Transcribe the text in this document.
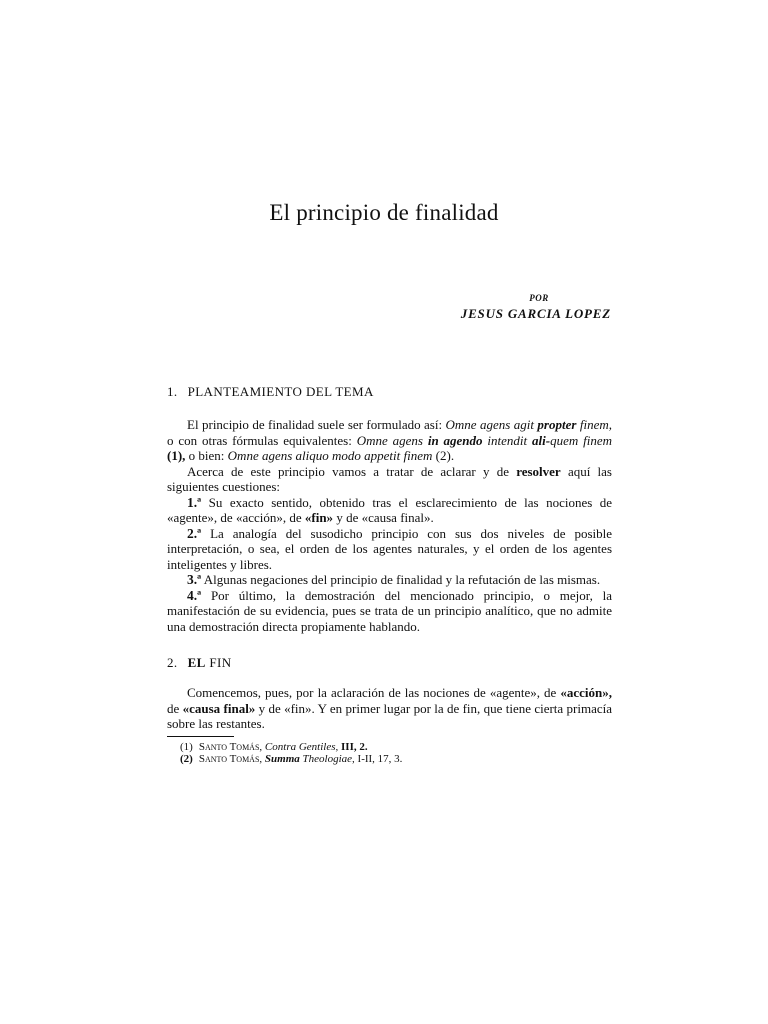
El principio de finalidad
POR
JESUS GARCIA LOPEZ
1. PLANTEAMIENTO DEL TEMA

El principio de finalidad suele ser formulado así: Omne agens agit propter finem, o con otras fórmulas equivalentes: Omne agens in agendo intendit ali-quem finem (1), o bien: Omne agens aliquo modo appetit finem (2).

Acerca de este principio vamos a tratar de aclarar y de resolver aquí las siguientes cuestiones:

1.ª Su exacto sentido, obtenido tras el esclarecimiento de las nociones de «agente», de «acción», de «fin» y de «causa final».

2.ª La analogía del susodicho principio con sus dos niveles de posible interpretación, o sea, el orden de los agentes naturales, y el orden de los agentes inteligentes y libres.

3.ª Algunas negaciones del principio de finalidad y la refutación de las mismas.

4.ª Por último, la demostración del mencionado principio, o mejor, la manifestación de su evidencia, pues se trata de un principio analítico, que no admite una demostración directa propiamente hablando.

2. EL FIN

Comencemos, pues, por la aclaración de las nociones de «agente», de «acción», de «causa final» y de «fin». Y en primer lugar por la de fin, que tiene cierta primacía sobre las restantes.

(1) Santo Tomás, Contra Gentiles, III, 2.
(2) Santo Tomás, Summa Theologiae, I-II, 17, 3.
